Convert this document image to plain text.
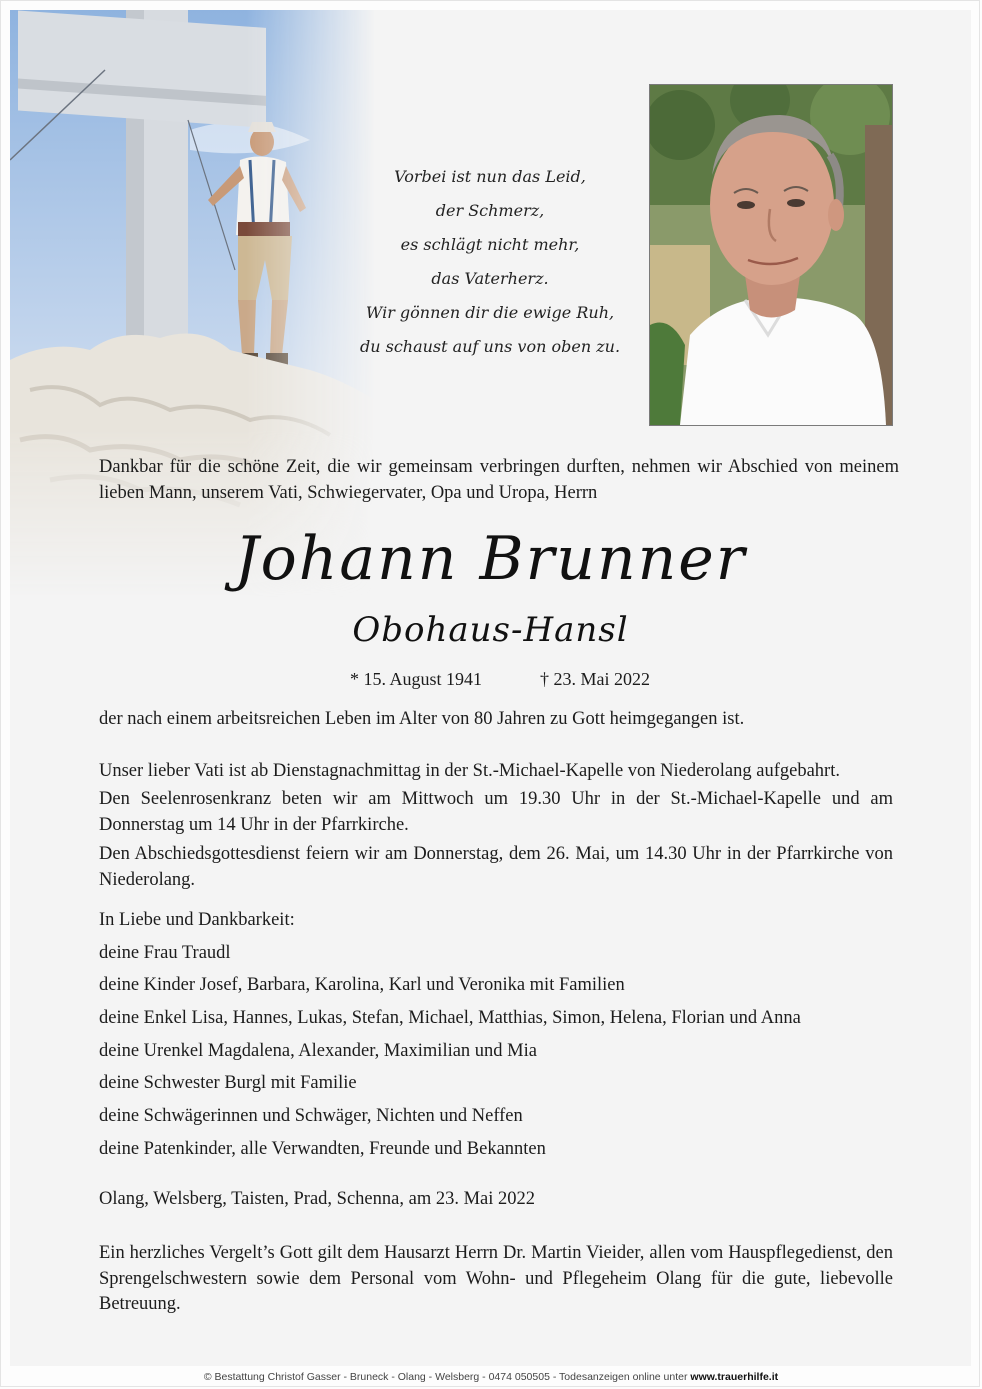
Vorbei ist nun das Leid,
der Schmerz,
es schlägt nicht mehr,
das Vaterherz.
Wir gönnen dir die ewige Ruh,
du schaust auf uns von oben zu.
Dankbar für die schöne Zeit, die wir gemeinsam verbringen durften, nehmen wir Abschied von meinem lieben Mann, unserem Vati, Schwiegervater, Opa und Uropa, Herrn
Johann Brunner
Obohaus-Hansl
* 15. August 1941	† 23. Mai 2022
der nach einem arbeitsreichen Leben im Alter von 80 Jahren zu Gott heimgegangen ist.
Unser lieber Vati ist ab Dienstagnachmittag in der St.-Michael-Kapelle von Niederolang aufgebahrt.
Den Seelenrosenkranz beten wir am Mittwoch um 19.30 Uhr in der St.-Michael-Kapelle und am Donnerstag um 14 Uhr in der Pfarrkirche.
Den Abschiedsgottesdienst feiern wir am Donnerstag, dem 26. Mai, um 14.30 Uhr in der Pfarrkirche von Niederolang.
In Liebe und Dankbarkeit:
deine Frau Traudl
deine Kinder Josef, Barbara, Karolina, Karl und Veronika mit Familien
deine Enkel Lisa, Hannes, Lukas, Stefan, Michael, Matthias, Simon, Helena, Florian und Anna
deine Urenkel Magdalena, Alexander, Maximilian und Mia
deine Schwester Burgl mit Familie
deine Schwägerinnen und Schwäger, Nichten und Neffen
deine Patenkinder, alle Verwandten, Freunde und Bekannten
Olang, Welsberg, Taisten, Prad, Schenna, am 23. Mai 2022
Ein herzliches Vergelt’s Gott gilt dem Hausarzt Herrn Dr. Martin Vieider, allen vom Hauspflegedienst, den Sprengelschwestern sowie dem Personal vom Wohn- und Pflegeheim Olang für die gute, liebevolle Betreuung.
© Bestattung Christof Gasser - Bruneck - Olang - Welsberg - 0474 050505 - Todesanzeigen online unter www.trauerhilfe.it
